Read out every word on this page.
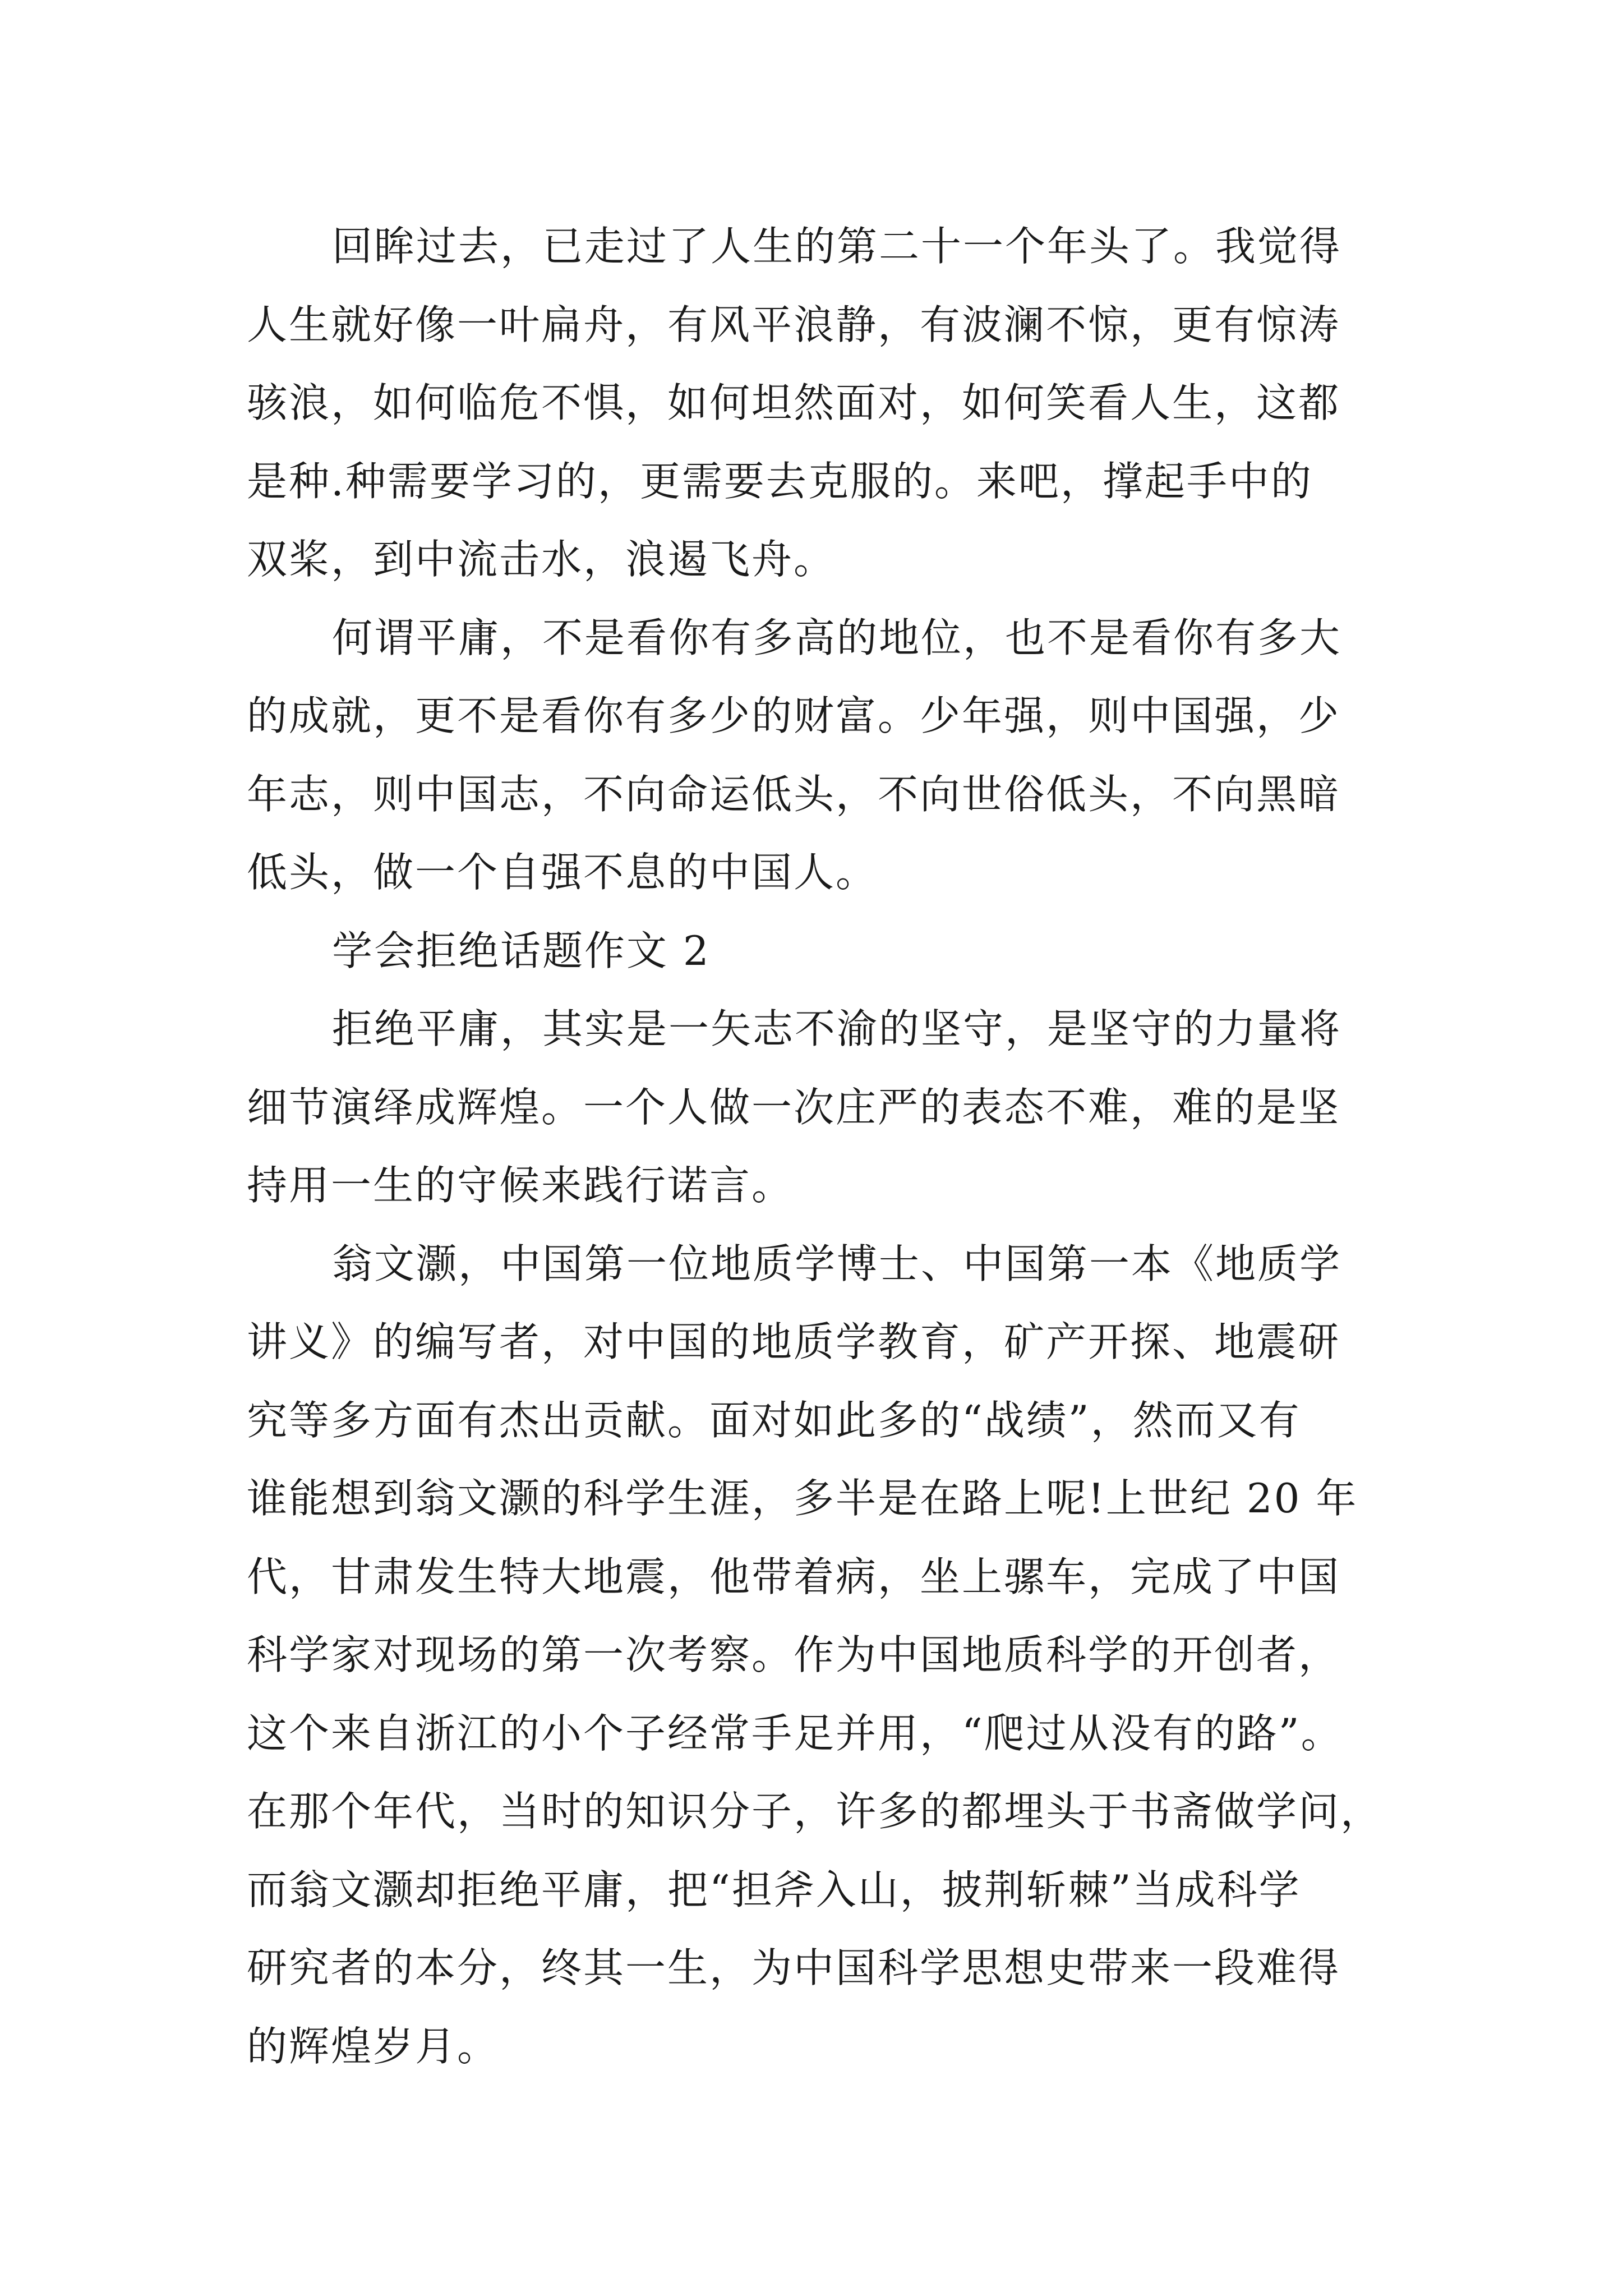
回眸过去，已走过了人生的第二十一个年头了。我觉得
人生就好像一叶扁舟，有风平浪静，有波澜不惊，更有惊涛
骇浪，如何临危不惧，如何坦然面对，如何笑看人生，这都
是种.种需要学习的，更需要去克服的。来吧，撑起手中的
双桨，到中流击水，浪遏飞舟。
何谓平庸，不是看你有多高的地位，也不是看你有多大
的成就，更不是看你有多少的财富。少年强，则中国强，少
年志，则中国志，不向命运低头，不向世俗低头，不向黑暗
低头，做一个自强不息的中国人。
学会拒绝话题作文 2
拒绝平庸，其实是一矢志不渝的坚守，是坚守的力量将
细节演绎成辉煌。一个人做一次庄严的表态不难，难的是坚
持用一生的守候来践行诺言。
翁文灏，中国第一位地质学博士、中国第一本《地质学
讲义》的编写者，对中国的地质学教育，矿产开探、地震研
究等多方面有杰出贡献。面对如此多的“战绩”，然而又有
谁能想到翁文灏的科学生涯，多半是在路上呢!上世纪 20 年
代，甘肃发生特大地震，他带着病，坐上骡车，完成了中国
科学家对现场的第一次考察。作为中国地质科学的开创者，
这个来自浙江的小个子经常手足并用，“爬过从没有的路”。
在那个年代，当时的知识分子，许多的都埋头于书斋做学问，
而翁文灏却拒绝平庸，把“担斧入山，披荆斩棘”当成科学
研究者的本分，终其一生，为中国科学思想史带来一段难得
的辉煌岁月。
